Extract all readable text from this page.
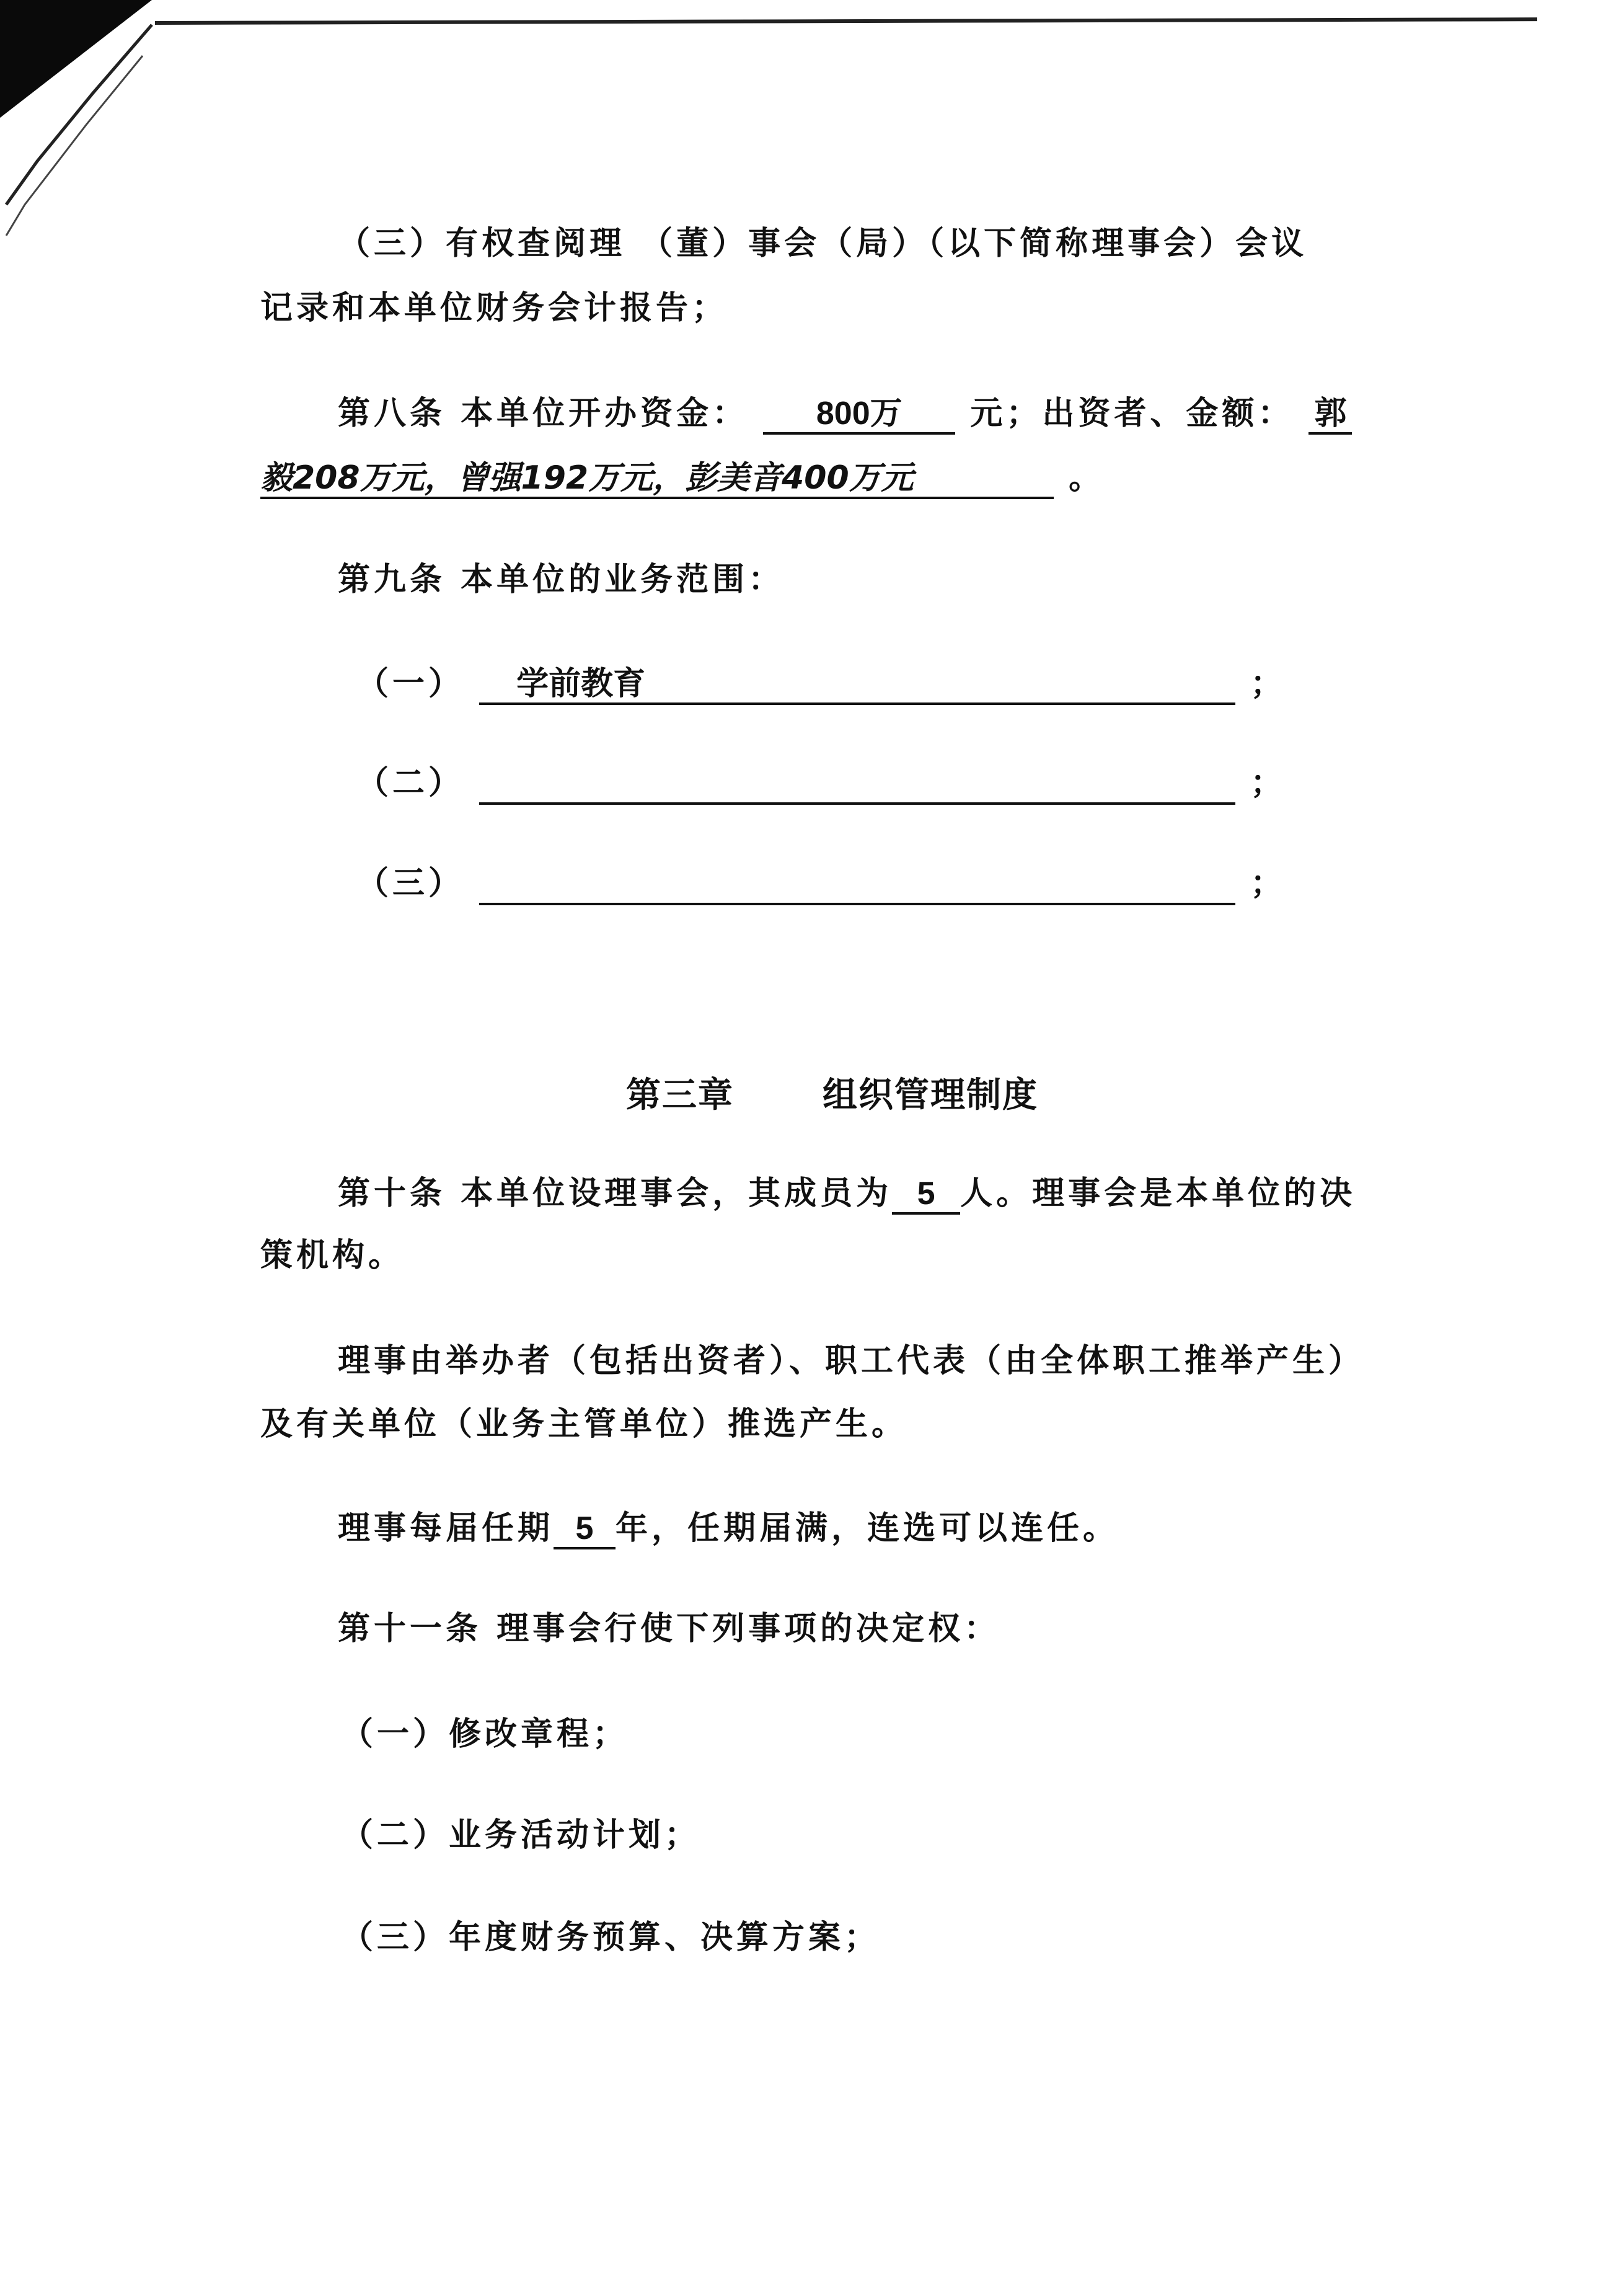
（三）有权查阅理 （董）事会（局）（以下简称理事会）会议
记录和本单位财务会计报告；
第八条 本单位开办资金： 800万 元；出资者、金额： 郭
毅208万元，曾强192万元，彭美音400万元	。
第九条 本单位的业务范围：
（一） 学前教育	；
（二）	；
（三）	；
第三章	组织管理制度
第十条 本单位设理事会，其成员为 5 人。理事会是本单位的决
策机构。
理事由举办者（包括出资者）、职工代表（由全体职工推举产生）
及有关单位（业务主管单位）推选产生。
理事每届任期 5 年，任期届满，连选可以连任。
第十一条 理事会行使下列事项的决定权：
（一）修改章程；
（二）业务活动计划；
（三）年度财务预算、决算方案；
